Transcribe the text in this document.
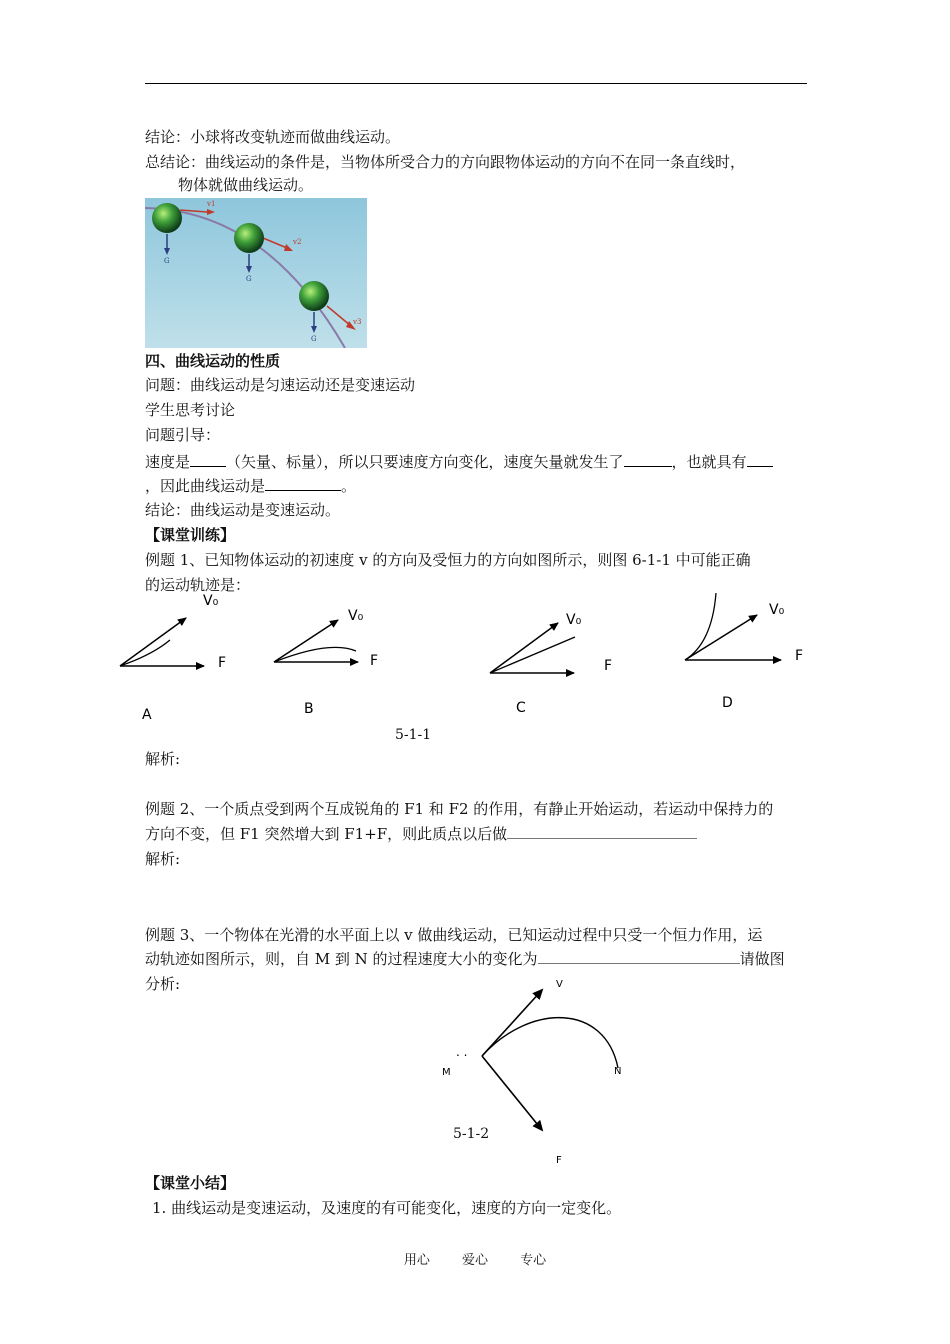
结论：小球将改变轨迹而做曲线运动。
总结论：曲线运动的条件是，当物体所受合力的方向跟物体运动的方向不在同一条直线时，
物体就做曲线运动。
v1
v2
v3
G
G
G
四、曲线运动的性质
问题：曲线运动是匀速运动还是变速运动
学生思考讨论
问题引导：
速度是 （矢量、标量），所以只要速度方向变化，速度矢量就发生了	，也就具有
，因此曲线运动是	。
结论：曲线运动是变速运动。
【课堂训练】
例题 1、已知物体运动的初速度 v 的方向及受恒力的方向如图所示，则图 6-1-1 中可能正确
的运动轨迹是：
V₀
F
A
V₀
F
B
V₀
F
C
V₀
F
D
5-1-1
解析:
例题 2、一个质点受到两个互成锐角的 F1 和 F2 的作用，有静止开始运动，若运动中保持力的
方向不变，但 F1 突然增大到 F1+F，则此质点以后做
解析:
例题 3、一个物体在光滑的水平面上以 v 做曲线运动，已知运动过程中只受一个恒力作用，运
动轨迹如图所示，则，自 M 到 N 的过程速度大小的变化为	请做图
分析:	V
. .
M	N
F
5-1-2
【课堂小结】
1. 曲线运动是变速运动，及速度的有可能变化，速度的方向一定变化。
用心 爱心 专心
